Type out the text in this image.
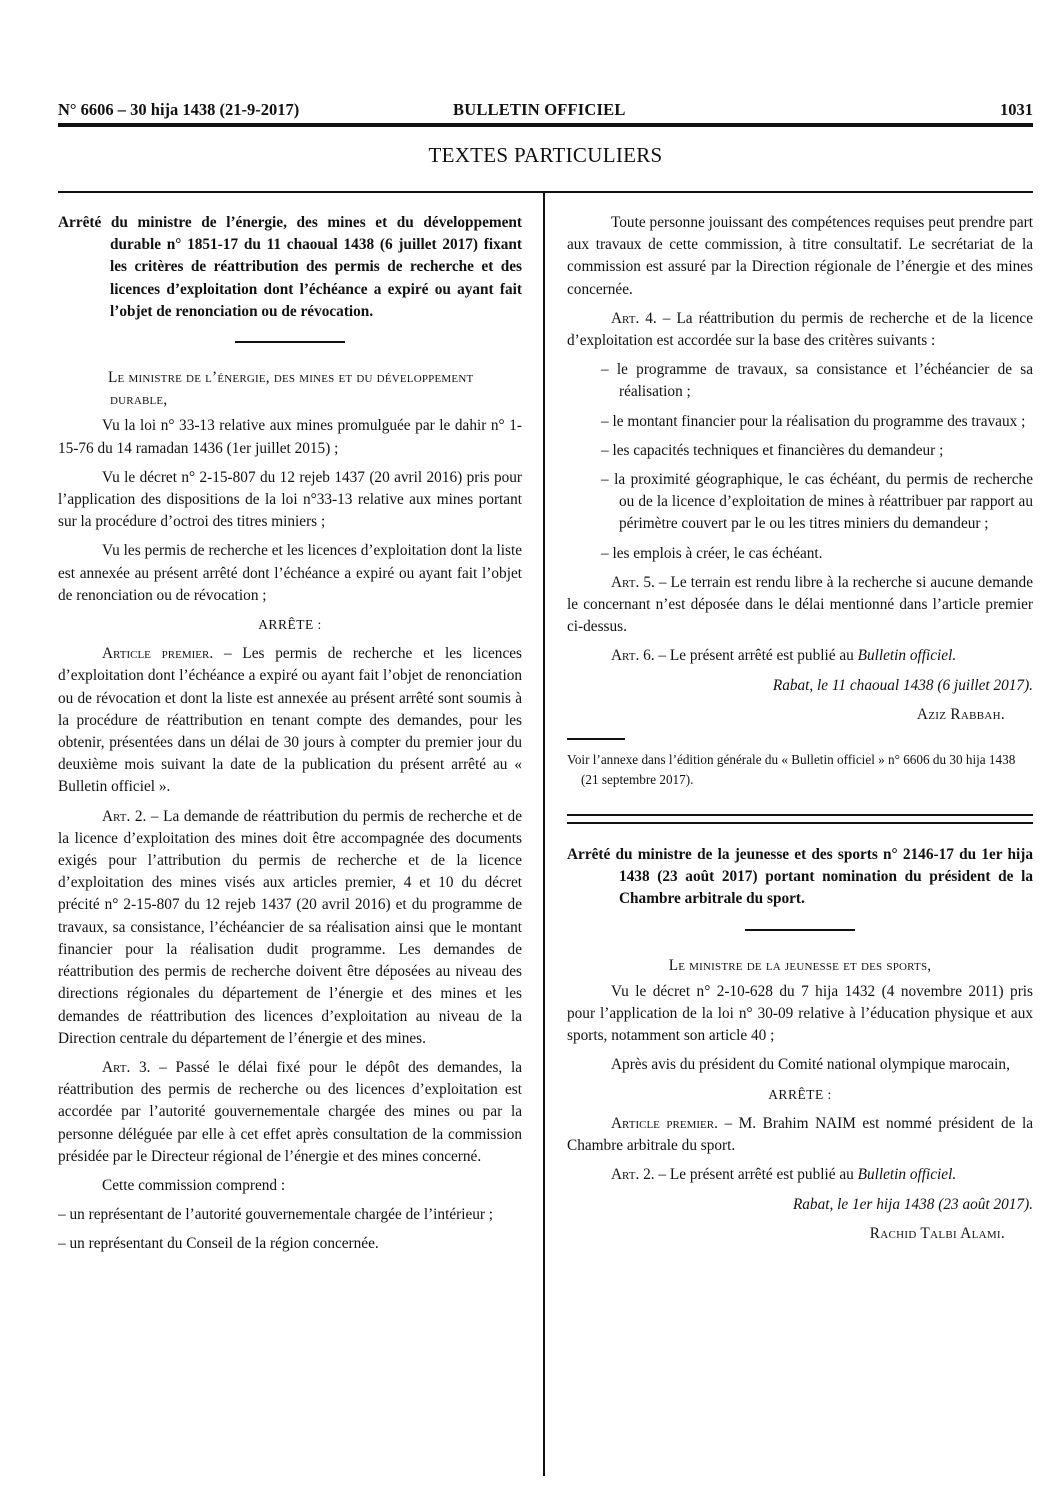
N° 6606 – 30 hija 1438 (21-9-2017)	BULLETIN OFFICIEL	1031
TEXTES PARTICULIERS

Arrêté du ministre de l’énergie, des mines et du développement durable n° 1851-17 du 11 chaoual 1438 (6 juillet 2017) fixant les critères de réattribution des permis de recherche et des licences d’exploitation dont l’échéance a expiré ou ayant fait l’objet de renonciation ou de révocation.

Le ministre de l’énergie, des mines et du développement durable,

Vu la loi n° 33-13 relative aux mines promulguée par le dahir n° 1-15-76 du 14 ramadan 1436 (1er juillet 2015) ;

Vu le décret n° 2-15-807 du 12 rejeb 1437 (20 avril 2016) pris pour l’application des dispositions de la loi n°33-13 relative aux mines portant sur la procédure d’octroi des titres miniers ;

Vu les permis de recherche et les licences d’exploitation dont la liste est annexée au présent arrêté dont l’échéance a expiré ou ayant fait l’objet de renonciation ou de révocation ;

ARRÊTE :

Article premier. – Les permis de recherche et les licences d’exploitation dont l’échéance a expiré ou ayant fait l’objet de renonciation ou de révocation et dont la liste est annexée au présent arrêté sont soumis à la procédure de réattribution en tenant compte des demandes, pour les obtenir, présentées dans un délai de 30 jours à compter du premier jour du deuxième mois suivant la date de la publication du présent arrêté au « Bulletin officiel ».

Art. 2. – La demande de réattribution du permis de recherche et de la licence d’exploitation des mines doit être accompagnée des documents exigés pour l’attribution du permis de recherche et de la licence d’exploitation des mines visés aux articles premier, 4 et 10 du décret précité n° 2-15-807 du 12 rejeb 1437 (20 avril 2016) et du programme de travaux, sa consistance, l’échéancier de sa réalisation ainsi que le montant financier pour la réalisation dudit programme. Les demandes de réattribution des permis de recherche doivent être déposées au niveau des directions régionales du département de l’énergie et des mines et les demandes de réattribution des licences d’exploitation au niveau de la Direction centrale du département de l’énergie et des mines.

Art. 3. – Passé le délai fixé pour le dépôt des demandes, la réattribution des permis de recherche ou des licences d’exploitation est accordée par l’autorité gouvernementale chargée des mines ou par la personne déléguée par elle à cet effet après consultation de la commission présidée par le Directeur régional de l’énergie et des mines concerné.

Cette commission comprend :

– un représentant de l’autorité gouvernementale chargée de l’intérieur ;
– un représentant du Conseil de la région concernée.

Toute personne jouissant des compétences requises peut prendre part aux travaux de cette commission, à titre consultatif. Le secrétariat de la commission est assuré par la Direction régionale de l’énergie et des mines concernée.

Art. 4. – La réattribution du permis de recherche et de la licence d’exploitation est accordée sur la base des critères suivants :

– le programme de travaux, sa consistance et l’échéancier de sa réalisation ;
– le montant financier pour la réalisation du programme des travaux ;
– les capacités techniques et financières du demandeur ;
– la proximité géographique, le cas échéant, du permis de recherche ou de la licence d’exploitation de mines à réattribuer par rapport au périmètre couvert par le ou les titres miniers du demandeur ;
– les emplois à créer, le cas échéant.

Art. 5. – Le terrain est rendu libre à la recherche si aucune demande le concernant n’est déposée dans le délai mentionné dans l’article premier ci-dessus.

Art. 6. – Le présent arrêté est publié au Bulletin officiel.

Rabat, le 11 chaoual 1438 (6 juillet 2017).
Aziz Rabbah.

Voir l’annexe dans l’édition générale du « Bulletin officiel » n° 6606 du 30 hija 1438 (21 septembre 2017).

Arrêté du ministre de la jeunesse et des sports n° 2146-17 du 1er hija 1438 (23 août 2017) portant nomination du président de la Chambre arbitrale du sport.

Le ministre de la jeunesse et des sports,

Vu le décret n° 2-10-628 du 7 hija 1432 (4 novembre 2011) pris pour l’application de la loi n° 30-09 relative à l’éducation physique et aux sports, notamment son article 40 ;

Après avis du président du Comité national olympique marocain,

ARRÊTE :

Article premier. – M. Brahim NAIM est nommé président de la Chambre arbitrale du sport.

Art. 2. – Le présent arrêté est publié au Bulletin officiel.

Rabat, le 1er hija 1438 (23 août 2017).
Rachid Talbi Alami.
